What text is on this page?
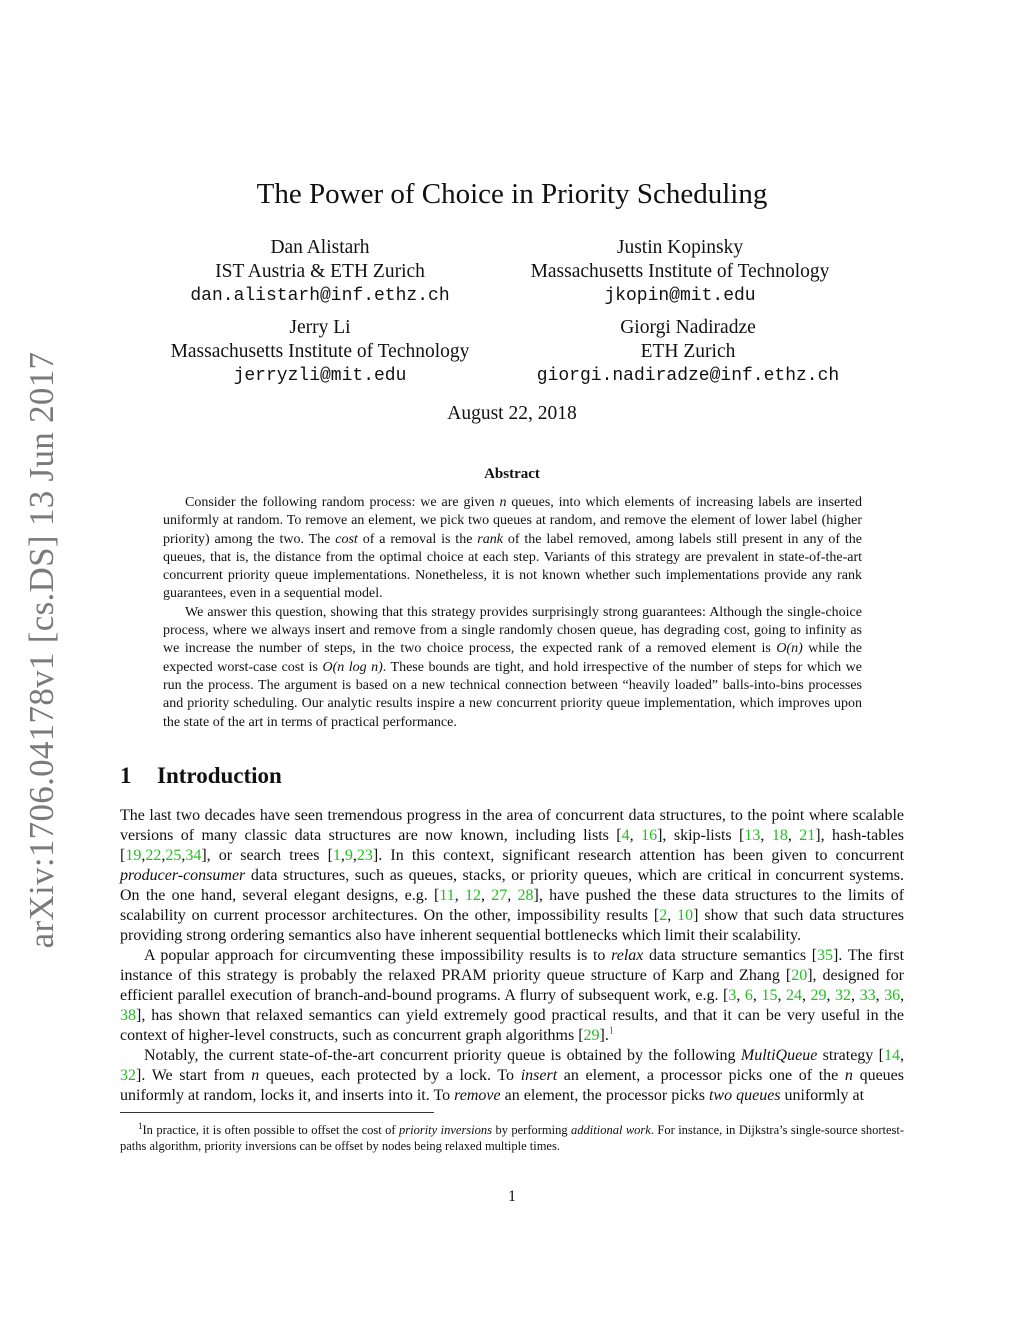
arXiv:1706.04178v1 [cs.DS] 13 Jun 2017
The Power of Choice in Priority Scheduling
Dan Alistarh
IST Austria & ETH Zurich
dan.alistarh@inf.ethz.ch
Justin Kopinsky
Massachusetts Institute of Technology
jkopin@mit.edu
Jerry Li
Massachusetts Institute of Technology
jerryzli@mit.edu
Giorgi Nadiradze
ETH Zurich
giorgi.nadiradze@inf.ethz.ch
August 22, 2018
Abstract

Consider the following random process: we are given n queues, into which elements of increasing labels are inserted uniformly at random. To remove an element, we pick two queues at random, and remove the element of lower label (higher priority) among the two. The cost of a removal is the rank of the label removed, among labels still present in any of the queues, that is, the distance from the optimal choice at each step. Variants of this strategy are prevalent in state-of-the-art concurrent priority queue implementations. Nonetheless, it is not known whether such implementations provide any rank guarantees, even in a sequential model.

We answer this question, showing that this strategy provides surprisingly strong guarantees: Although the single-choice process, where we always insert and remove from a single randomly chosen queue, has degrading cost, going to infinity as we increase the number of steps, in the two choice process, the expected rank of a removed element is O(n) while the expected worst-case cost is O(n log n). These bounds are tight, and hold irrespective of the number of steps for which we run the process. The argument is based on a new technical connection between “heavily loaded” balls-into-bins processes and priority scheduling. Our analytic results inspire a new concurrent priority queue implementation, which improves upon the state of the art in terms of practical performance.

1 Introduction

The last two decades have seen tremendous progress in the area of concurrent data structures, to the point where scalable versions of many classic data structures are now known, including lists [4, 16], skip-lists [13, 18, 21], hash-tables [19,22,25,34], or search trees [1,9,23]. In this context, significant research attention has been given to concurrent producer-consumer data structures, such as queues, stacks, or priority queues, which are critical in concurrent systems. On the one hand, several elegant designs, e.g. [11, 12, 27, 28], have pushed the these data structures to the limits of scalability on current processor architectures. On the other, impossibility results [2, 10] show that such data structures providing strong ordering semantics also have inherent sequential bottlenecks which limit their scalability.

A popular approach for circumventing these impossibility results is to relax data structure semantics [35]. The first instance of this strategy is probably the relaxed PRAM priority queue structure of Karp and Zhang [20], designed for efficient parallel execution of branch-and-bound programs. A flurry of subsequent work, e.g. [3, 6, 15, 24, 29, 32, 33, 36, 38], has shown that relaxed semantics can yield extremely good practical results, and that it can be very useful in the context of higher-level constructs, such as concurrent graph algorithms [29].$^1$

Notably, the current state-of-the-art concurrent priority queue is obtained by the following MultiQueue strategy [14, 32]. We start from n queues, each protected by a lock. To insert an element, a processor picks one of the n queues uniformly at random, locks it, and inserts into it. To remove an element, the processor picks two queues uniformly at

$^1$In practice, it is often possible to offset the cost of priority inversions by performing additional work. For instance, in Dijkstra’s single-source shortest-paths algorithm, priority inversions can be offset by nodes being relaxed multiple times.
1
